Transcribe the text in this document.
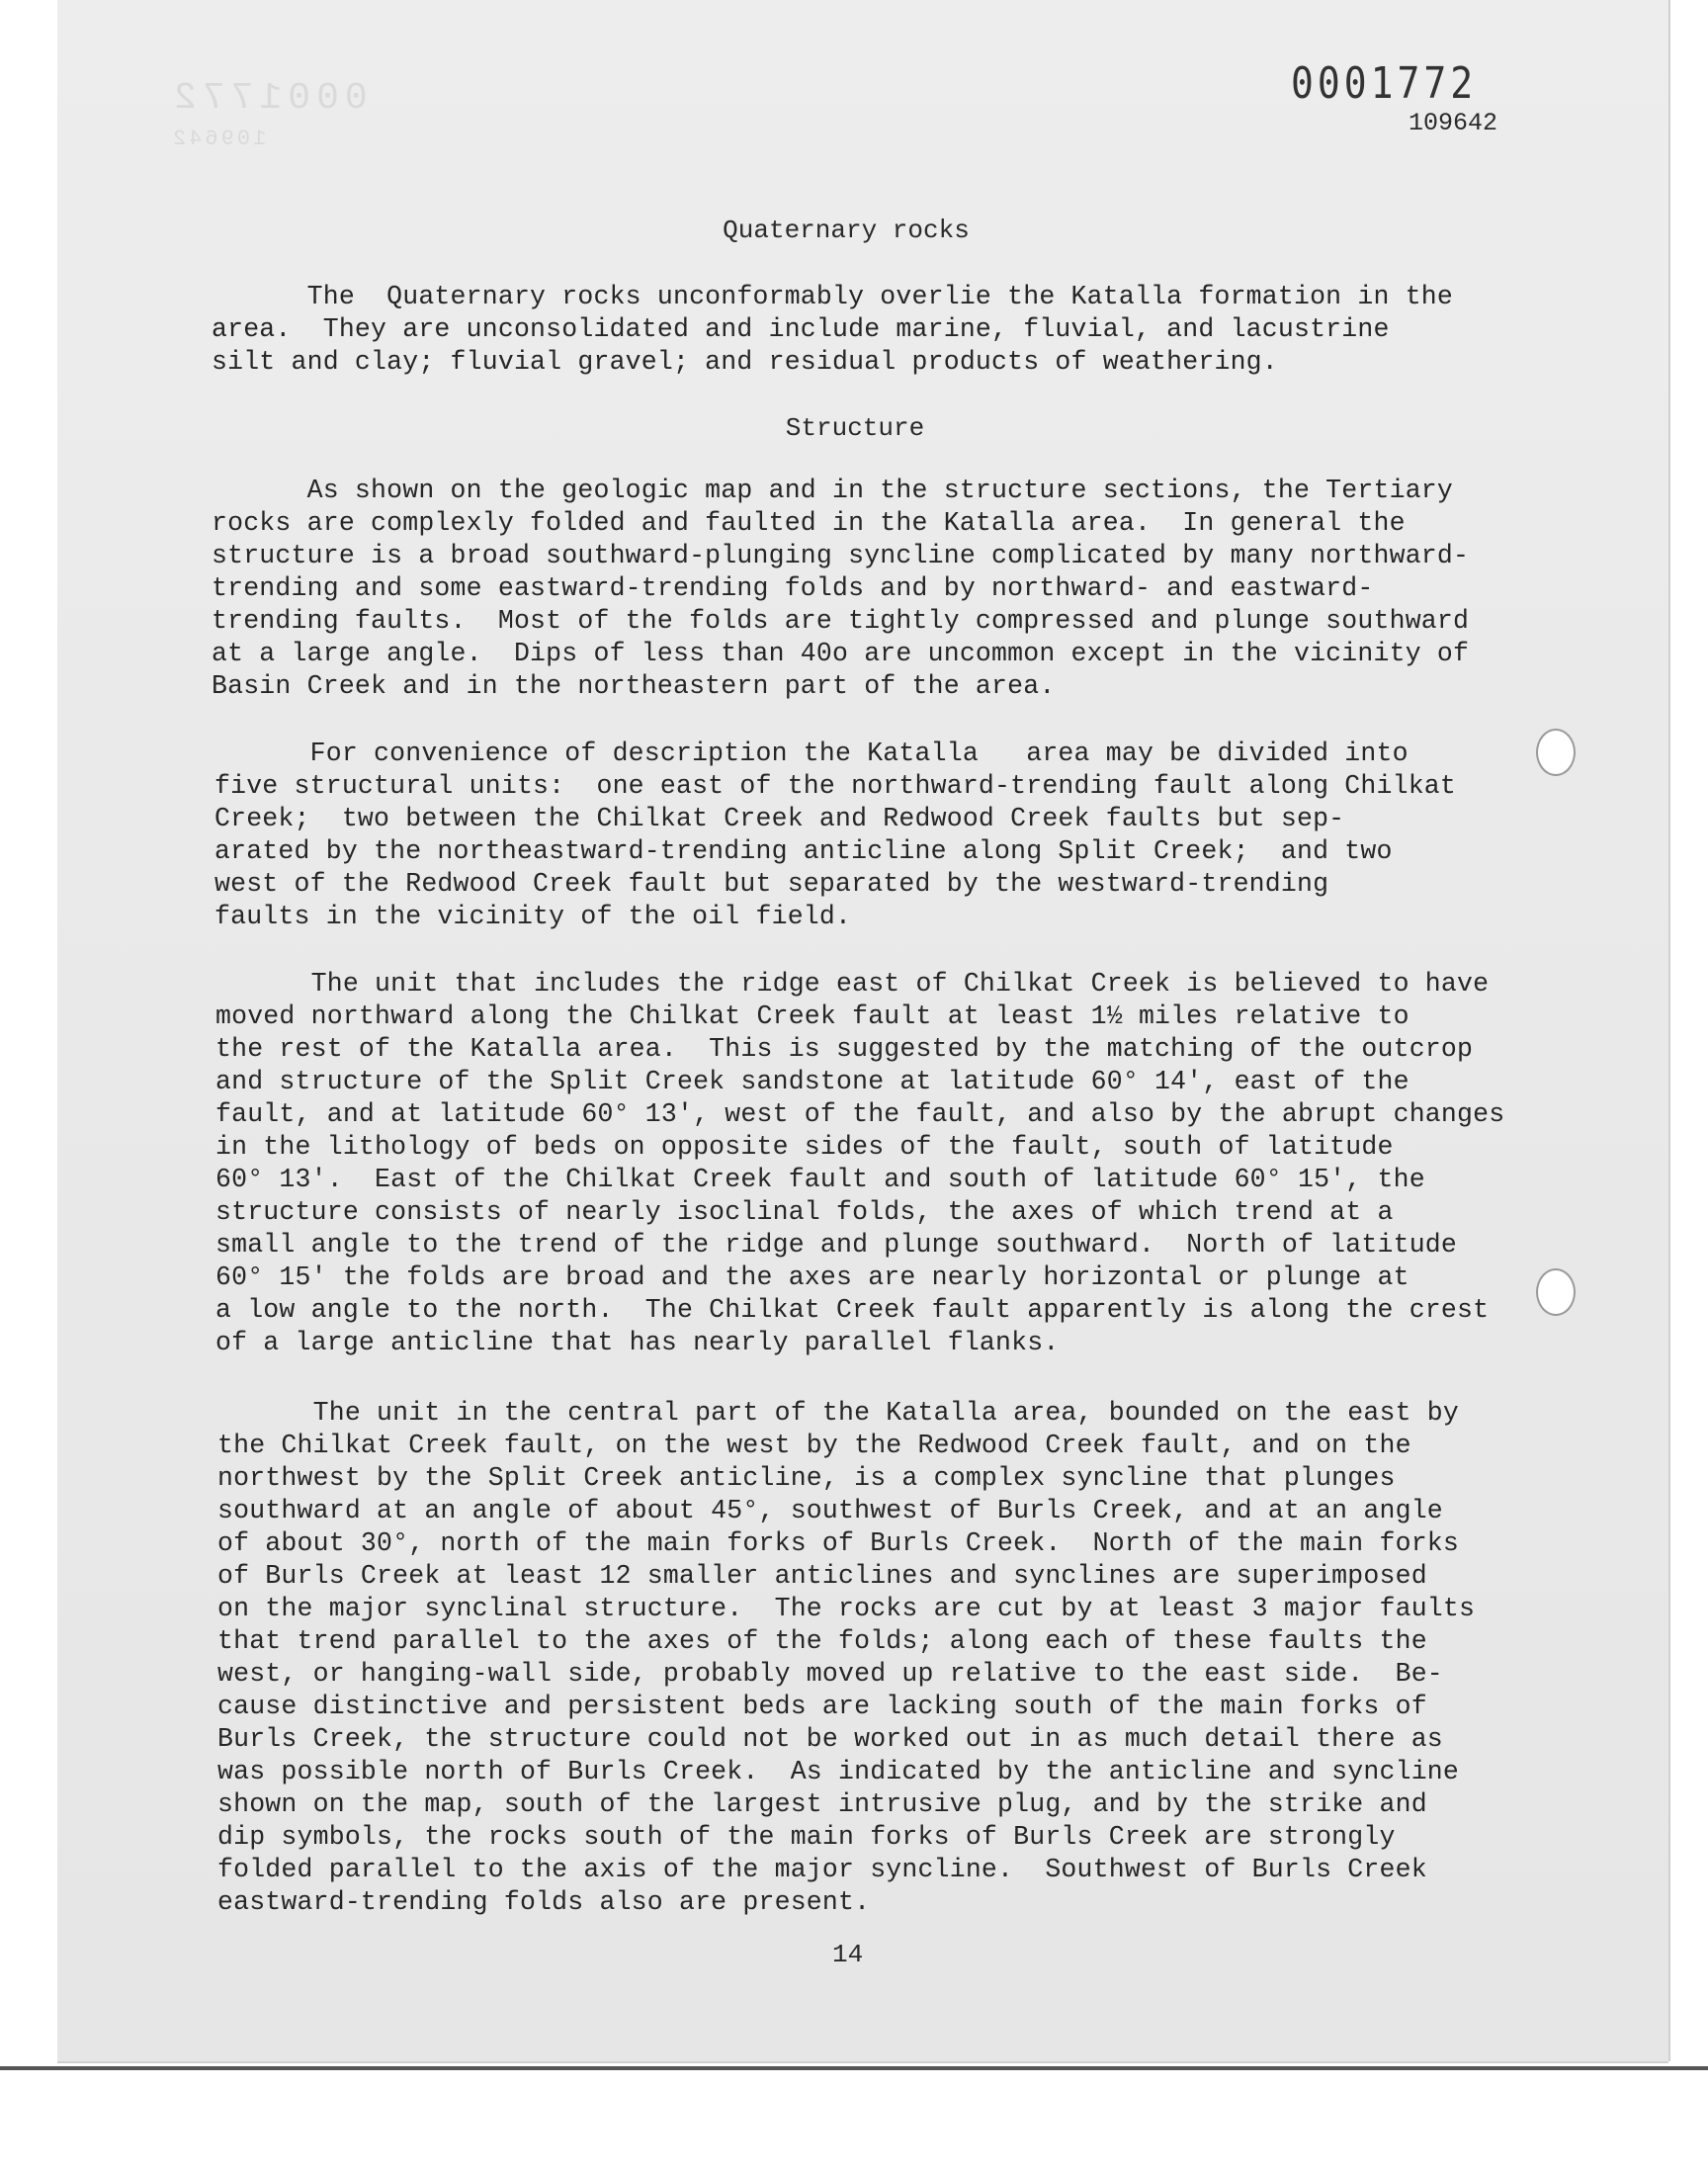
0001772
109642
0001772
109642
Quaternary rocks
Structure
The  Quaternary rocks unconformably overlie the Katalla formation in the
area.  They are unconsolidated and include marine, fluvial, and lacustrine
silt and clay; fluvial gravel; and residual products of weathering.
As shown on the geologic map and in the structure sections, the Tertiary
rocks are complexly folded and faulted in the Katalla area.  In general the
structure is a broad southward-plunging syncline complicated by many northward-
trending and some eastward-trending folds and by northward- and eastward-
trending faults.  Most of the folds are tightly compressed and plunge southward
at a large angle.  Dips of less than 40o are uncommon except in the vicinity of
Basin Creek and in the northeastern part of the area.
For convenience of description the Katalla   area may be divided into
five structural units:  one east of the northward-trending fault along Chilkat
Creek;  two between the Chilkat Creek and Redwood Creek faults but sep-
arated by the northeastward-trending anticline along Split Creek;  and two
west of the Redwood Creek fault but separated by the westward-trending
faults in the vicinity of the oil field.
The unit that includes the ridge east of Chilkat Creek is believed to have
moved northward along the Chilkat Creek fault at least 1½ miles relative to
the rest of the Katalla area.  This is suggested by the matching of the outcrop
and structure of the Split Creek sandstone at latitude 60° 14', east of the
fault, and at latitude 60° 13', west of the fault, and also by the abrupt changes
in the lithology of beds on opposite sides of the fault, south of latitude
60° 13'.  East of the Chilkat Creek fault and south of latitude 60° 15', the
structure consists of nearly isoclinal folds, the axes of which trend at a
small angle to the trend of the ridge and plunge southward.  North of latitude
60° 15' the folds are broad and the axes are nearly horizontal or plunge at
a low angle to the north.  The Chilkat Creek fault apparently is along the crest
of a large anticline that has nearly parallel flanks.
The unit in the central part of the Katalla area, bounded on the east by
the Chilkat Creek fault, on the west by the Redwood Creek fault, and on the
northwest by the Split Creek anticline, is a complex syncline that plunges
southward at an angle of about 45°, southwest of Burls Creek, and at an angle
of about 30°, north of the main forks of Burls Creek.  North of the main forks
of Burls Creek at least 12 smaller anticlines and synclines are superimposed
on the major synclinal structure.  The rocks are cut by at least 3 major faults
that trend parallel to the axes of the folds; along each of these faults the
west, or hanging-wall side, probably moved up relative to the east side.  Be-
cause distinctive and persistent beds are lacking south of the main forks of
Burls Creek, the structure could not be worked out in as much detail there as
was possible north of Burls Creek.  As indicated by the anticline and syncline
shown on the map, south of the largest intrusive plug, and by the strike and
dip symbols, the rocks south of the main forks of Burls Creek are strongly
folded parallel to the axis of the major syncline.  Southwest of Burls Creek
eastward-trending folds also are present.
14
